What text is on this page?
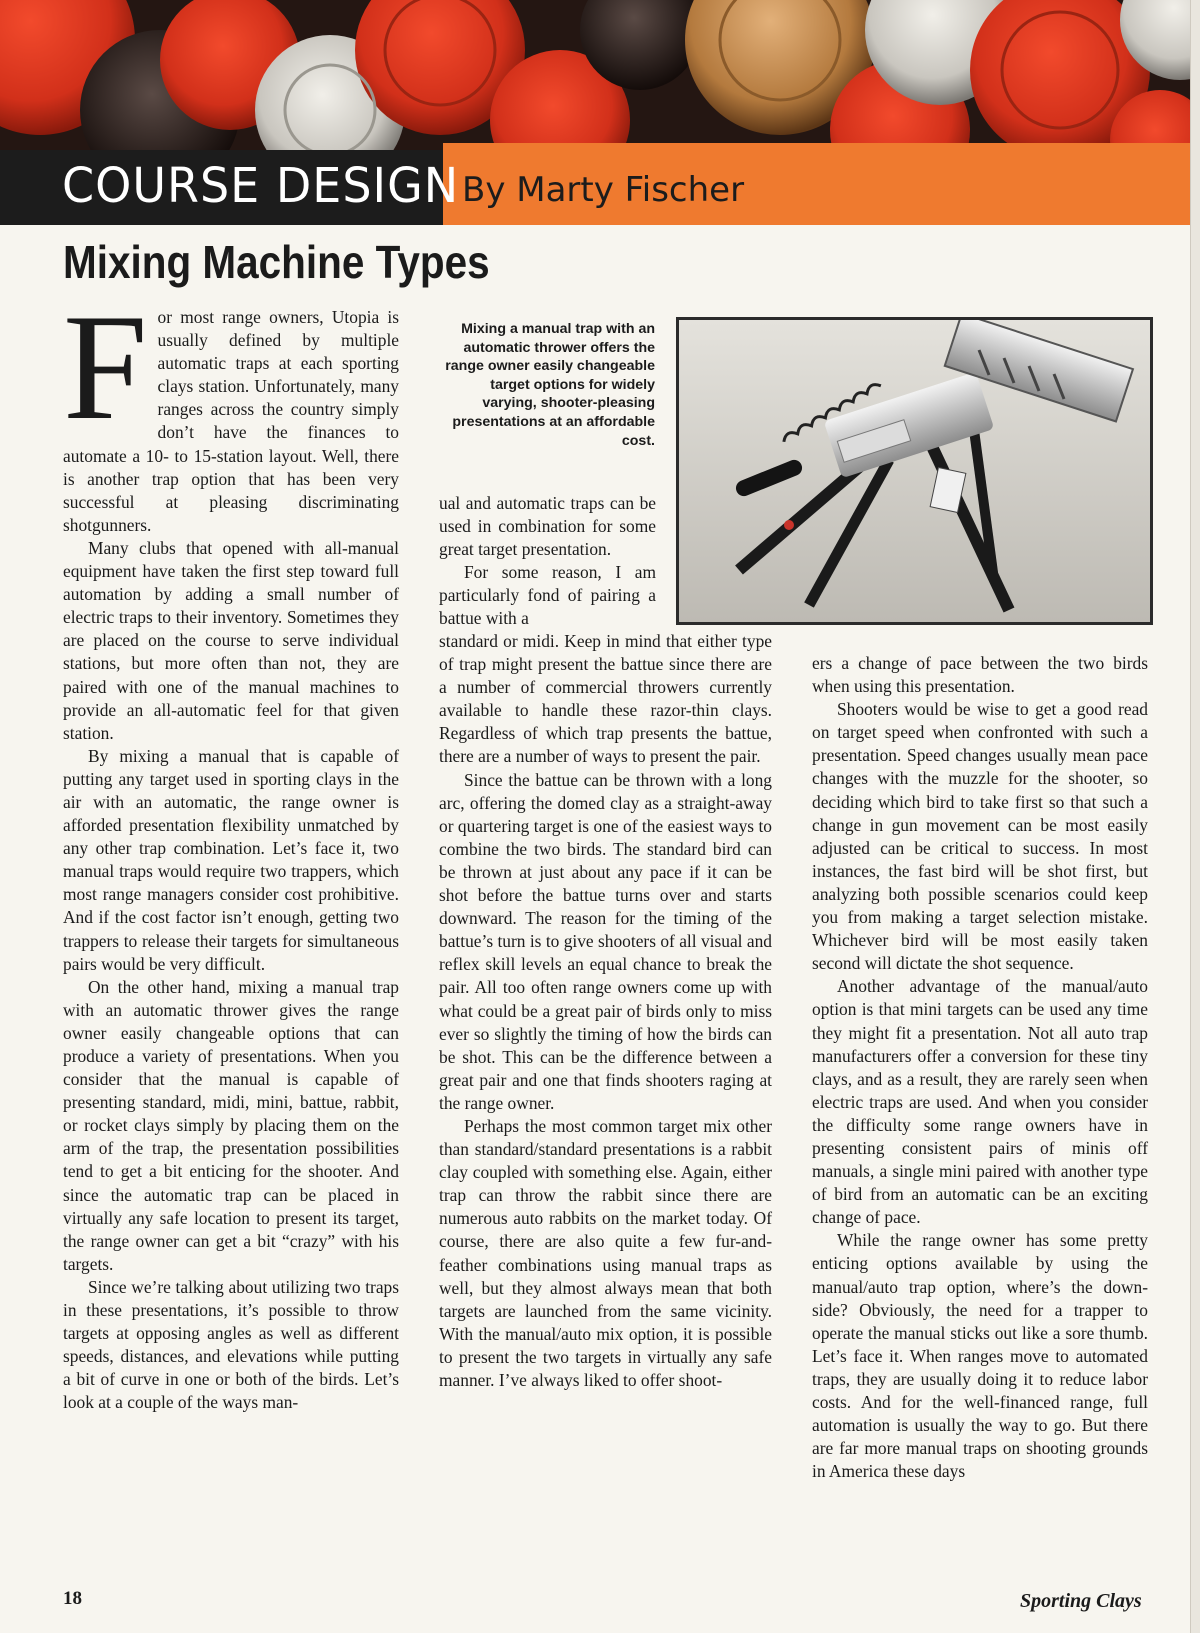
COURSE DESIGN By Marty Fischer
Mixing Machine Types
F or most range owners, Utopia is usually defined by multiple automatic traps at each sporting clays station. Unfortunately, many ranges across the country simply don’t have the finances to automate a 10- to 15-station layout. Well, there is another trap option that has been very successful at pleasing discriminating shotgunners.

Many clubs that opened with all-manual equipment have taken the first step toward full automation by adding a small number of electric traps to their inventory. Sometimes they are placed on the course to serve individual stations, but more often than not, they are paired with one of the manual machines to provide an all-automatic feel for that given station.

By mixing a manual that is capable of putting any target used in sporting clays in the air with an automatic, the range owner is afforded presentation flexibility unmatched by any other trap combination. Let’s face it, two manual traps would require two trappers, which most range managers consider cost prohibitive. And if the cost factor isn’t enough, getting two trappers to release their targets for simultaneous pairs would be very difficult.

On the other hand, mixing a manual trap with an automatic thrower gives the range owner easily changeable options that can produce a variety of presentations. When you consider that the manual is capable of presenting standard, midi, mini, battue, rabbit, or rocket clays simply by placing them on the arm of the trap, the presentation possibilities tend to get a bit enticing for the shooter. And since the automatic trap can be placed in virtually any safe location to present its target, the range owner can get a bit “crazy” with his targets.

Since we’re talking about utilizing two traps in these presentations, it’s possible to throw targets at opposing angles as well as different speeds, distances, and elevations while putting a bit of curve in one or both of the birds. Let’s look at a couple of the ways man-

Mixing a manual trap with an automatic thrower offers the range owner easily changeable target options for widely varying, shooter-pleasing presentations at an affordable cost.

ual and automatic traps can be used in combination for some great target presentation.

For some reason, I am particularly fond of pairing a battue with a

standard or midi. Keep in mind that either type of trap might present the battue since there are a number of commercial throwers currently available to handle these razor-thin clays. Regardless of which trap presents the battue, there are a number of ways to present the pair.

Since the battue can be thrown with a long arc, offering the domed clay as a straight-away or quartering target is one of the easiest ways to combine the two birds. The standard bird can be thrown at just about any pace if it can be shot before the battue turns over and starts downward. The reason for the timing of the battue’s turn is to give shooters of all visual and reflex skill levels an equal chance to break the pair. All too often range owners come up with what could be a great pair of birds only to miss ever so slightly the timing of how the birds can be shot. This can be the difference between a great pair and one that finds shooters raging at the range owner.

Perhaps the most common target mix other than standard/standard presentations is a rabbit clay coupled with something else. Again, either trap can throw the rabbit since there are numerous auto rabbits on the market today. Of course, there are also quite a few fur-and-feather combinations using manual traps as well, but they almost always mean that both targets are launched from the same vicinity. With the manual/auto mix option, it is possible to present the two targets in virtually any safe manner. I’ve always liked to offer shoot-

ers a change of pace between the two birds when using this presentation.

Shooters would be wise to get a good read on target speed when confronted with such a presentation. Speed changes usually mean pace changes with the muzzle for the shooter, so deciding which bird to take first so that such a change in gun movement can be most easily adjusted can be critical to success. In most instances, the fast bird will be shot first, but analyzing both possible scenarios could keep you from making a target selection mistake. Whichever bird will be most easily taken second will dictate the shot sequence.

Another advantage of the manual/auto option is that mini targets can be used any time they might fit a presentation. Not all auto trap manufacturers offer a conversion for these tiny clays, and as a result, they are rarely seen when electric traps are used. And when you consider the difficulty some range owners have in presenting consistent pairs of minis off manuals, a single mini paired with another type of bird from an automatic can be an exciting change of pace.

While the range owner has some pretty enticing options available by using the manual/auto trap option, where’s the down-side? Obviously, the need for a trapper to operate the manual sticks out like a sore thumb. Let’s face it. When ranges move to automated traps, they are usually doing it to reduce labor costs. And for the well-financed range, full automation is usually the way to go. But there are far more manual traps on shooting grounds in America these days

18	Sporting Clays
